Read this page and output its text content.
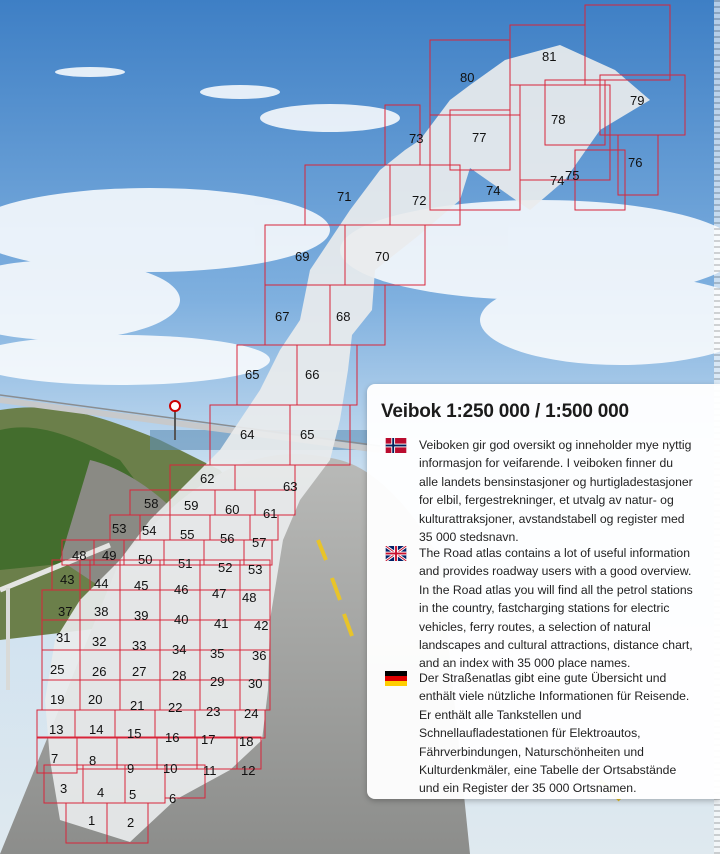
1 2
3 4 5	6
7 8
9 10 11 12
13 14 15 16 17 18
19 20 21 22 23 24
25 26 27 28 29 30
31 32 33 34 35 36
37 38 39 40 41 42
43 44 45 46 47 48
48 49 50 51 52 53
53 54 55 56 57
58 59 60 61
62
63
64	65
65	66
67	68
69	70
71	72
73
74
74 75
76
77
78
79
80
81
Veibok 1:250 000 / 1:500 000

Veiboken gir god oversikt og inneholder mye nyttig informasjon for veifarende. I veiboken finner du alle landets bensinstasjoner og hurtigladestasjoner for elbil, fergestrekninger, et utvalg av natur- og kulturattraksjoner, avstandstabell og register med 35 000 stedsnavn.

The Road atlas contains a lot of useful information and provides roadway users with a good overview. In the Road atlas you will find all the petrol stations in the country, fastcharging stations for electric vehicles, ferry routes, a selection of natural landscapes and cultural attractions, distance chart, and an index with 35 000 place names.

Der Straßenatlas gibt eine gute Übersicht und enthält viele nützliche Informationen für Reisende. Er enthält alle Tankstellen und Schnellaufladestationen für Elektroautos, Fährverbindungen, Naturschönheiten und Kulturdenkmäler, eine Tabelle der Ortsabstände und ein Register der 35 000 Ortsnamen.
